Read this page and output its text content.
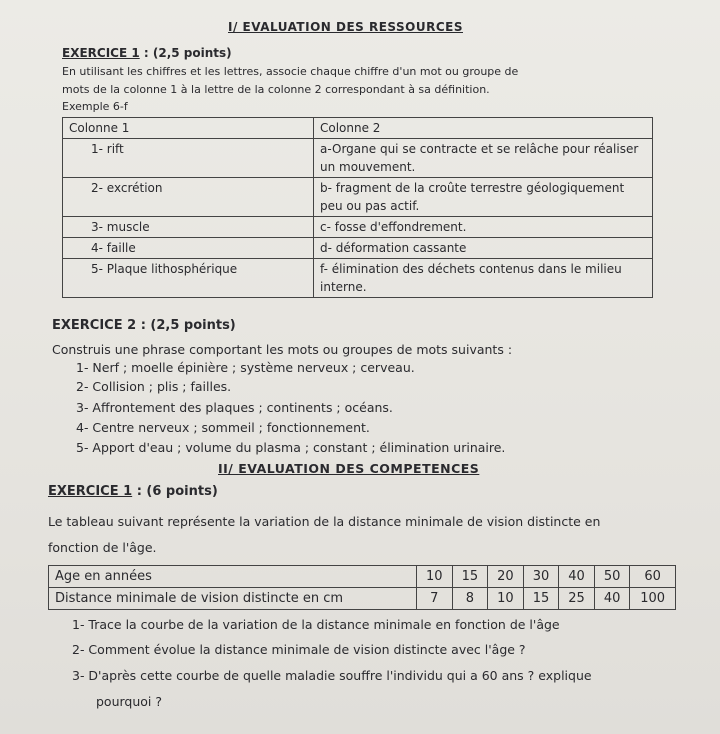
I/ EVALUATION DES RESSOURCES
EXERCICE 1 : (2,5 points)
En utilisant les chiffres et les lettres, associe chaque chiffre d'un mot ou groupe de
mots de la colonne 1 à la lettre de la colonne 2 correspondant à sa définition.
Exemple 6-f
Colonne 1	Colonne 2
1- rift	a-Organe qui se contracte et se relâche pour réaliser un mouvement.
2- excrétion	b- fragment de la croûte terrestre géologiquement peu ou pas actif.
3- muscle	c- fosse d'effondrement.
4- faille	d- déformation cassante
5- Plaque lithosphérique	f- élimination des déchets contenus dans le milieu interne.
EXERCICE 2 : (2,5 points)
Construis une phrase comportant les mots ou groupes de mots suivants :
1- Nerf ; moelle épinière ; système nerveux ; cerveau.
2- Collision ; plis ; failles.
3- Affrontement des plaques ; continents ; océans.
4- Centre nerveux ; sommeil ; fonctionnement.
5- Apport d'eau ; volume du plasma ; constant ; élimination urinaire.
II/ EVALUATION DES COMPETENCES
EXERCICE 1 : (6 points)
Le tableau suivant représente la variation de la distance minimale de vision distincte en
fonction de l'âge.
Age en années	10	15	20	30	40	50	60
Distance minimale de vision distincte en cm	7	8	10	15	25	40	100
1- Trace la courbe de la variation de la distance minimale en fonction de l'âge
2- Comment évolue la distance minimale de vision distincte avec l'âge ?
3- D'après cette courbe de quelle maladie souffre l'individu qui a 60 ans ? explique
pourquoi ?
